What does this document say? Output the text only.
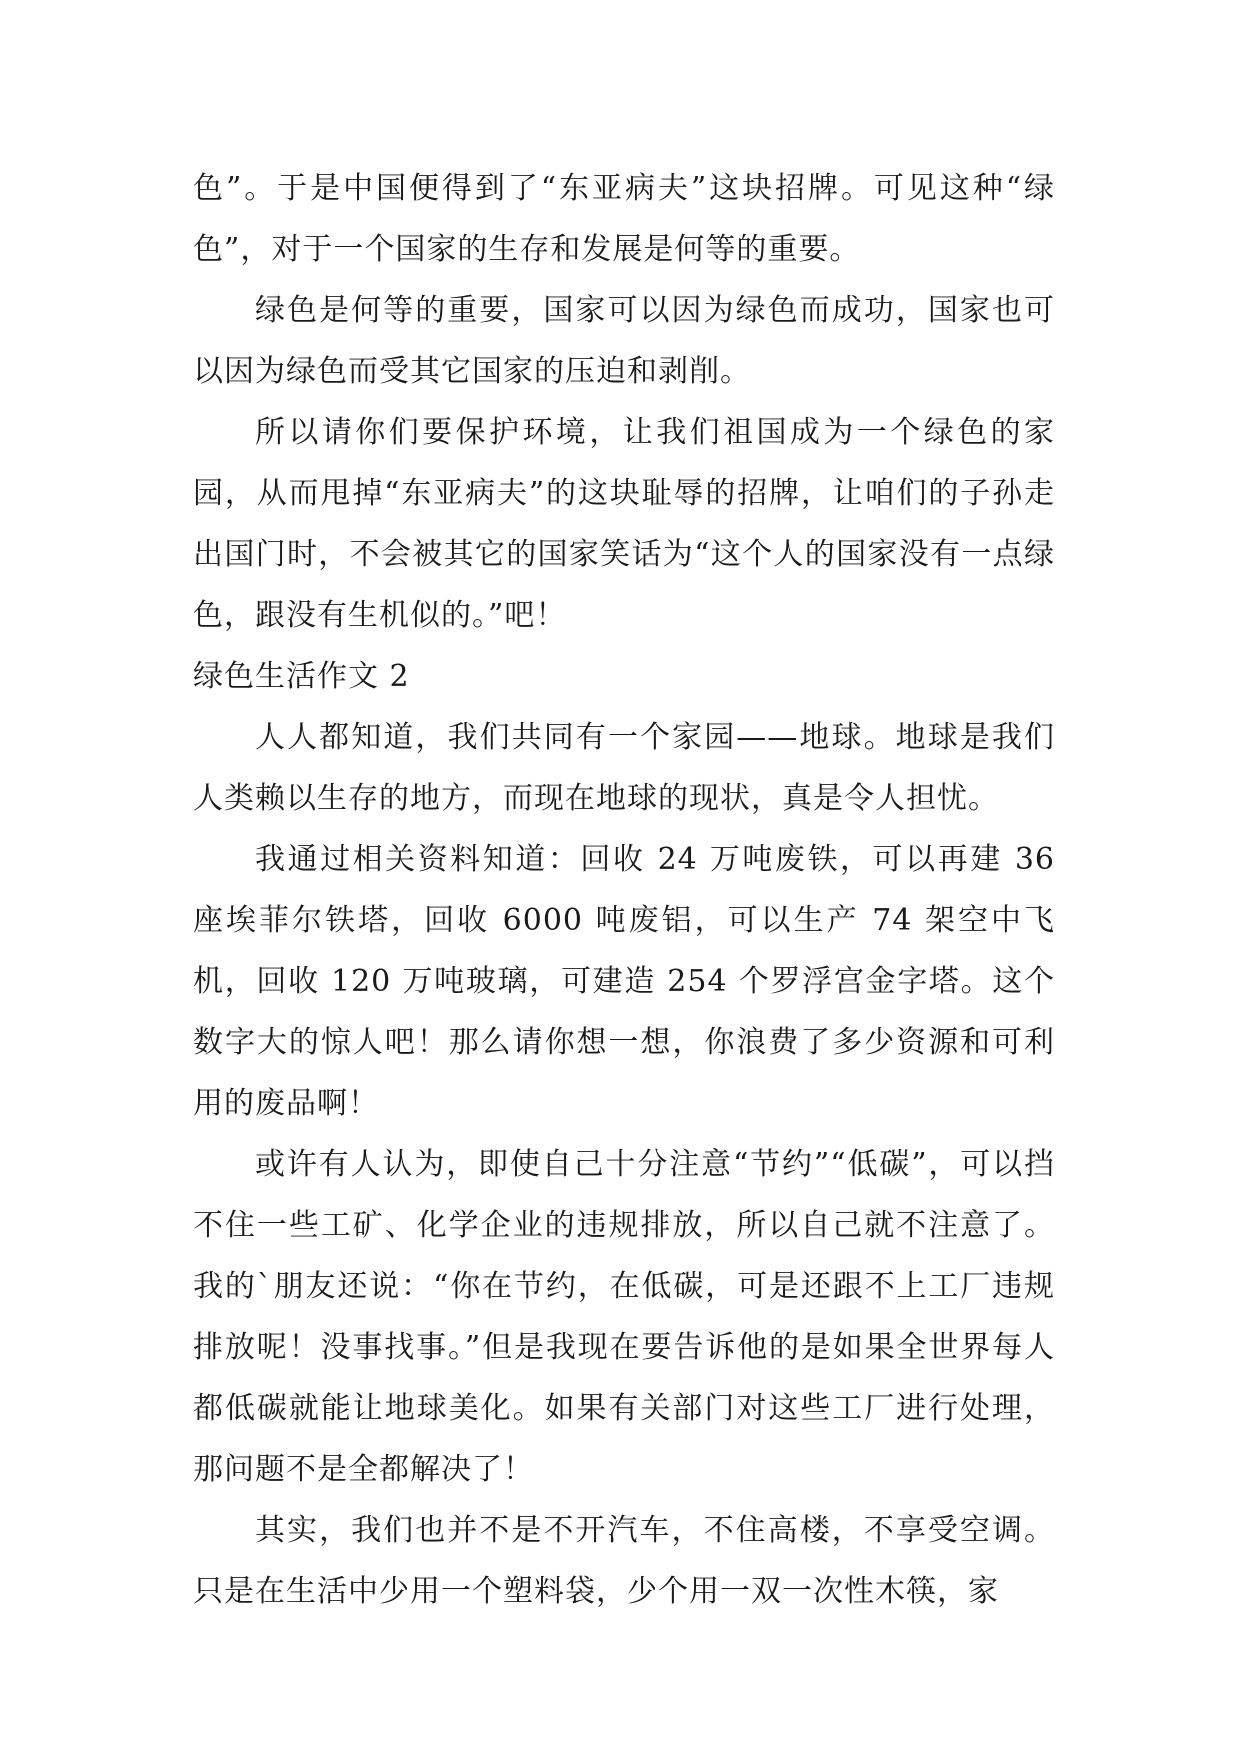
色”。于是中国便得到了“东亚病夫”这块招牌。可见这种“绿色”，对于一个国家的生存和发展是何等的重要。

绿色是何等的重要，国家可以因为绿色而成功，国家也可以因为绿色而受其它国家的压迫和剥削。

所以请你们要保护环境，让我们祖国成为一个绿色的家园，从而甩掉“东亚病夫”的这块耻辱的招牌，让咱们的子孙走出国门时，不会被其它的国家笑话为“这个人的国家没有一点绿色，跟没有生机似的。”吧！

绿色生活作文 2

人人都知道，我们共同有一个家园——地球。地球是我们人类赖以生存的地方，而现在地球的现状，真是令人担忧。

我通过相关资料知道：回收 24 万吨废铁，可以再建 36 座埃菲尔铁塔，回收 6000 吨废铝，可以生产 74 架空中飞机，回收 120 万吨玻璃，可建造 254 个罗浮宫金字塔。这个数字大的惊人吧！那么请你想一想，你浪费了多少资源和可利用的废品啊！

或许有人认为，即使自己十分注意“节约”“低碳”，可以挡不住一些工矿、化学企业的违规排放，所以自己就不注意了。我的`朋友还说：“你在节约，在低碳，可是还跟不上工厂违规排放呢！没事找事。”但是我现在要告诉他的是如果全世界每人都低碳就能让地球美化。如果有关部门对这些工厂进行处理，那问题不是全都解决了！

其实，我们也并不是不开汽车，不住高楼，不享受空调。只是在生活中少用一个塑料袋，少个用一双一次性木筷，家
